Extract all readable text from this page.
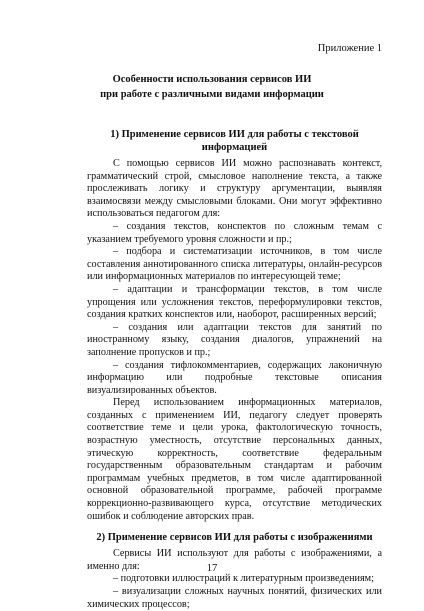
Приложение 1
Особенности использования сервисов ИИ
при работе с различными видами информации
1) Применение сервисов ИИ для работы с текстовой информацией

С помощью сервисов ИИ можно распознавать контекст, грамматический строй, смысловое наполнение текста, а также прослеживать логику и структуру аргументации, выявляя взаимосвязи между смысловыми блоками. Они могут эффективно использоваться педагогом для:

– создания текстов, конспектов по сложным темам с указанием требуемого уровня сложности и пр.;

– подбора и систематизации источников, в том числе составления аннотированного списка литературы, онлайн-ресурсов или информационных материалов по интересующей теме;

– адаптации и трансформации текстов, в том числе упрощения или усложнения текстов, переформулировки текстов, создания кратких конспектов или, наоборот, расширенных версий;

– создания или адаптации текстов для занятий по иностранному языку, создания диалогов, упражнений на заполнение пропусков и пр.;

– создания тифлокомментариев, содержащих лаконичную информацию или подробные текстовые описания визуализированных объектов.

Перед использованием информационных материалов, созданных с применением ИИ, педагогу следует проверять соответствие теме и цели урока, фактологическую точность, возрастную уместность, отсутствие персональных данных, этическую корректность, соответствие федеральным государственным образовательным стандартам и рабочим программам учебных предметов, в том числе адаптированной основной образовательной программе, рабочей программе коррекционно-развивающего курса, отсутствие методических ошибок и соблюдение авторских прав.

2) Применение сервисов ИИ для работы с изображениями

Сервисы ИИ используют для работы с изображениями, а именно для:

– подготовки иллюстраций к литературным произведениям;

– визуализации сложных научных понятий, физических или химических процессов;

17
